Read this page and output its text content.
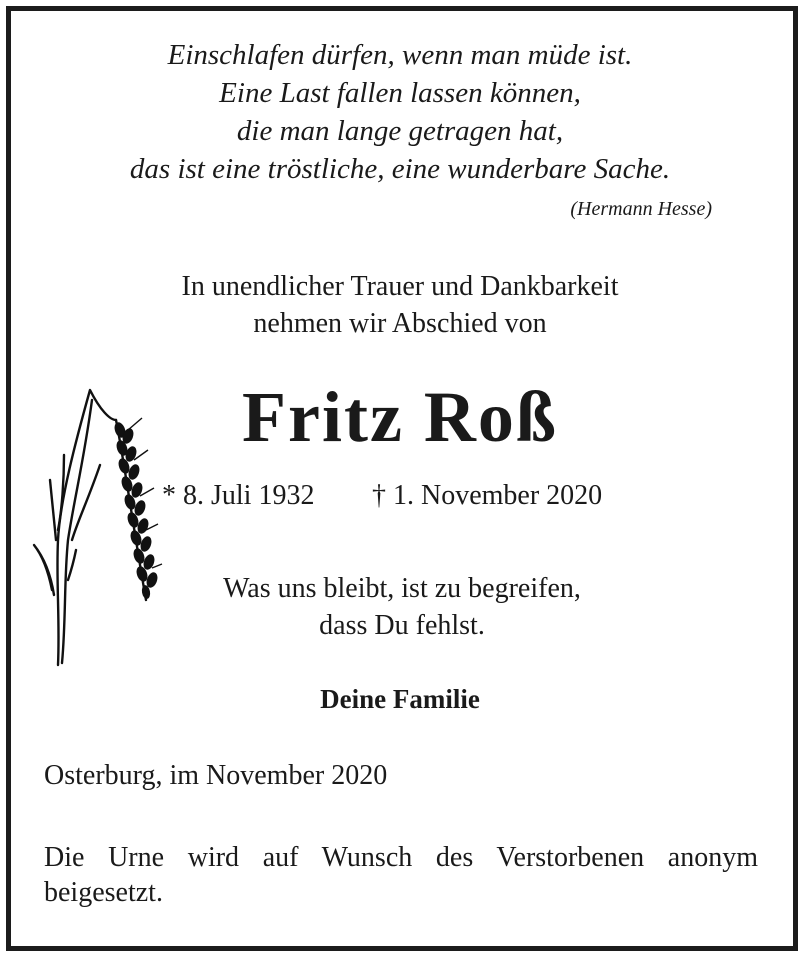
Einschlafen dürfen, wenn man müde ist.
Eine Last fallen lassen können,
die man lange getragen hat,
das ist eine tröstliche, eine wunderbare Sache.
(Hermann Hesse)
In unendlicher Trauer und Dankbarkeit
nehmen wir Abschied von
Fritz Roß
* 8. Juli 1932 † 1. November 2020
Was uns bleibt, ist zu begreifen,
dass Du fehlst.
Deine Familie
Osterburg, im November 2020
Die Urne wird auf Wunsch des Verstorbenen anonym beigesetzt.
